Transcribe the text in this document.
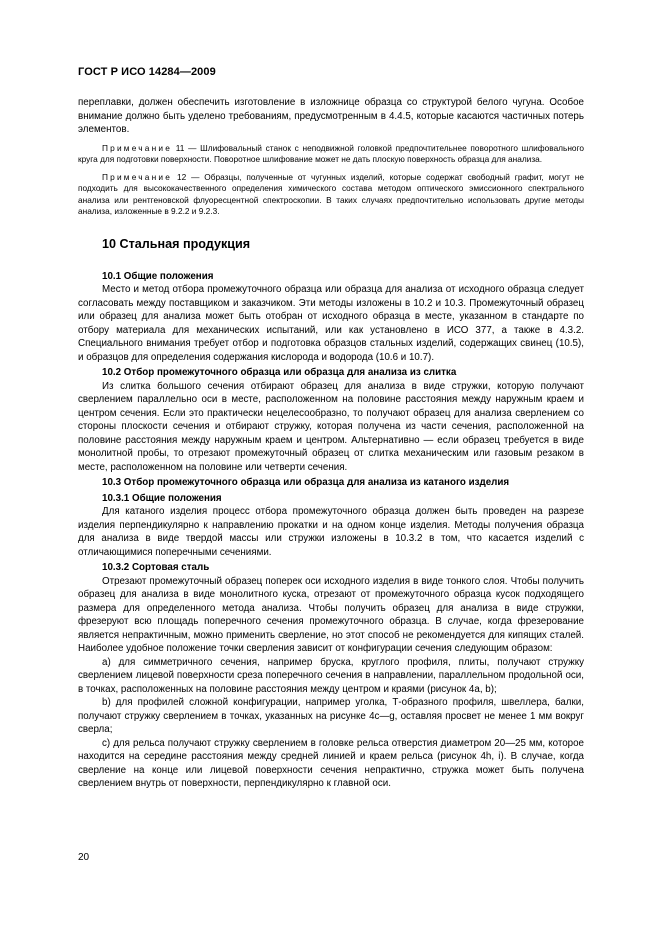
ГОСТ Р ИСО 14284—2009

переплавки, должен обеспечить изготовление в изложнице образца со структурой белого чугуна. Особое внимание должно быть уделено требованиям, предусмотренным в 4.4.5, которые касаются частичных потерь элементов.

Примечание 11 — Шлифовальный станок с неподвижной головкой предпочтительнее поворотного шлифовального круга для подготовки поверхности. Поворотное шлифование может не дать плоскую поверхность образца для анализа.
Примечание 12 — Образцы, полученные от чугунных изделий, которые содержат свободный графит, могут не подходить для высококачественного определения химического состава методом оптического эмиссионного спектрального анализа или рентгеновской флуоресцентной спектроскопии. В таких случаях предпочтительно использовать другие методы анализа, изложенные в 9.2.2 и 9.2.3.
10 Стальная продукция
10.1 Общие положения

Место и метод отбора промежуточного образца или образца для анализа от исходного образца следует согласовать между поставщиком и заказчиком. Эти методы изложены в 10.2 и 10.3. Промежуточный образец или образец для анализа может быть отобран от исходного образца в месте, указанном в стандарте по отбору материала для механических испытаний, или как установлено в ИСО 377, а также в 4.3.2. Специального внимания требует отбор и подготовка образцов стальных изделий, содержащих свинец (10.5), и образцов для определения содержания кислорода и водорода (10.6 и 10.7).

10.2 Отбор промежуточного образца или образца для анализа из слитка

Из слитка большого сечения отбирают образец для анализа в виде стружки, которую получают сверлением параллельно оси в месте, расположенном на половине расстояния между наружным краем и центром сечения. Если это практически нецелесообразно, то получают образец для анализа сверлением со стороны плоскости сечения и отбирают стружку, которая получена из части сечения, расположенной на половине расстояния между наружным краем и центром. Альтернативно — если образец требуется в виде монолитной пробы, то отрезают промежуточный образец от слитка механическим или газовым резаком в месте, расположенном на половине или четверти сечения.

10.3 Отбор промежуточного образца или образца для анализа из катаного изделия
10.3.1 Общие положения

Для катаного изделия процесс отбора промежуточного образца должен быть проведен на разрезе изделия перпендикулярно к направлению прокатки и на одном конце изделия. Методы получения образца для анализа в виде твердой массы или стружки изложены в 10.3.2 в том, что касается изделий с отличающимися поперечными сечениями.

10.3.2 Сортовая сталь

Отрезают промежуточный образец поперек оси исходного изделия в виде тонкого слоя. Чтобы получить образец для анализа в виде монолитного куска, отрезают от промежуточного образца кусок подходящего размера для определенного метода анализа. Чтобы получить образец для анализа в виде стружки, фрезеруют всю площадь поперечного сечения промежуточного образца. В случае, когда фрезерование является непрактичным, можно применить сверление, но этот способ не рекомендуется для кипящих сталей. Наиболее удобное положение точки сверления зависит от конфигурации сечения следующим образом:

а) для симметричного сечения, например бруска, круглого профиля, плиты, получают стружку сверлением лицевой поверхности среза поперечного сечения в направлении, параллельном продольной оси, в точках, расположенных на половине расстояния между центром и краями (рисунок 4а, b);

b) для профилей сложной конфигурации, например уголка, Т-образного профиля, швеллера, балки, получают стружку сверлением в точках, указанных на рисунке 4c—g, оставляя просвет не менее 1 мм вокруг сверла;

c) для рельса получают стружку сверлением в головке рельса отверстия диаметром 20—25 мм, которое находится на середине расстояния между средней линией и краем рельса (рисунок 4h, i). В случае, когда сверление на конце или лицевой поверхности сечения непрактично, стружка может быть получена сверлением внутрь от поверхности, перпендикулярно к главной оси.

20
